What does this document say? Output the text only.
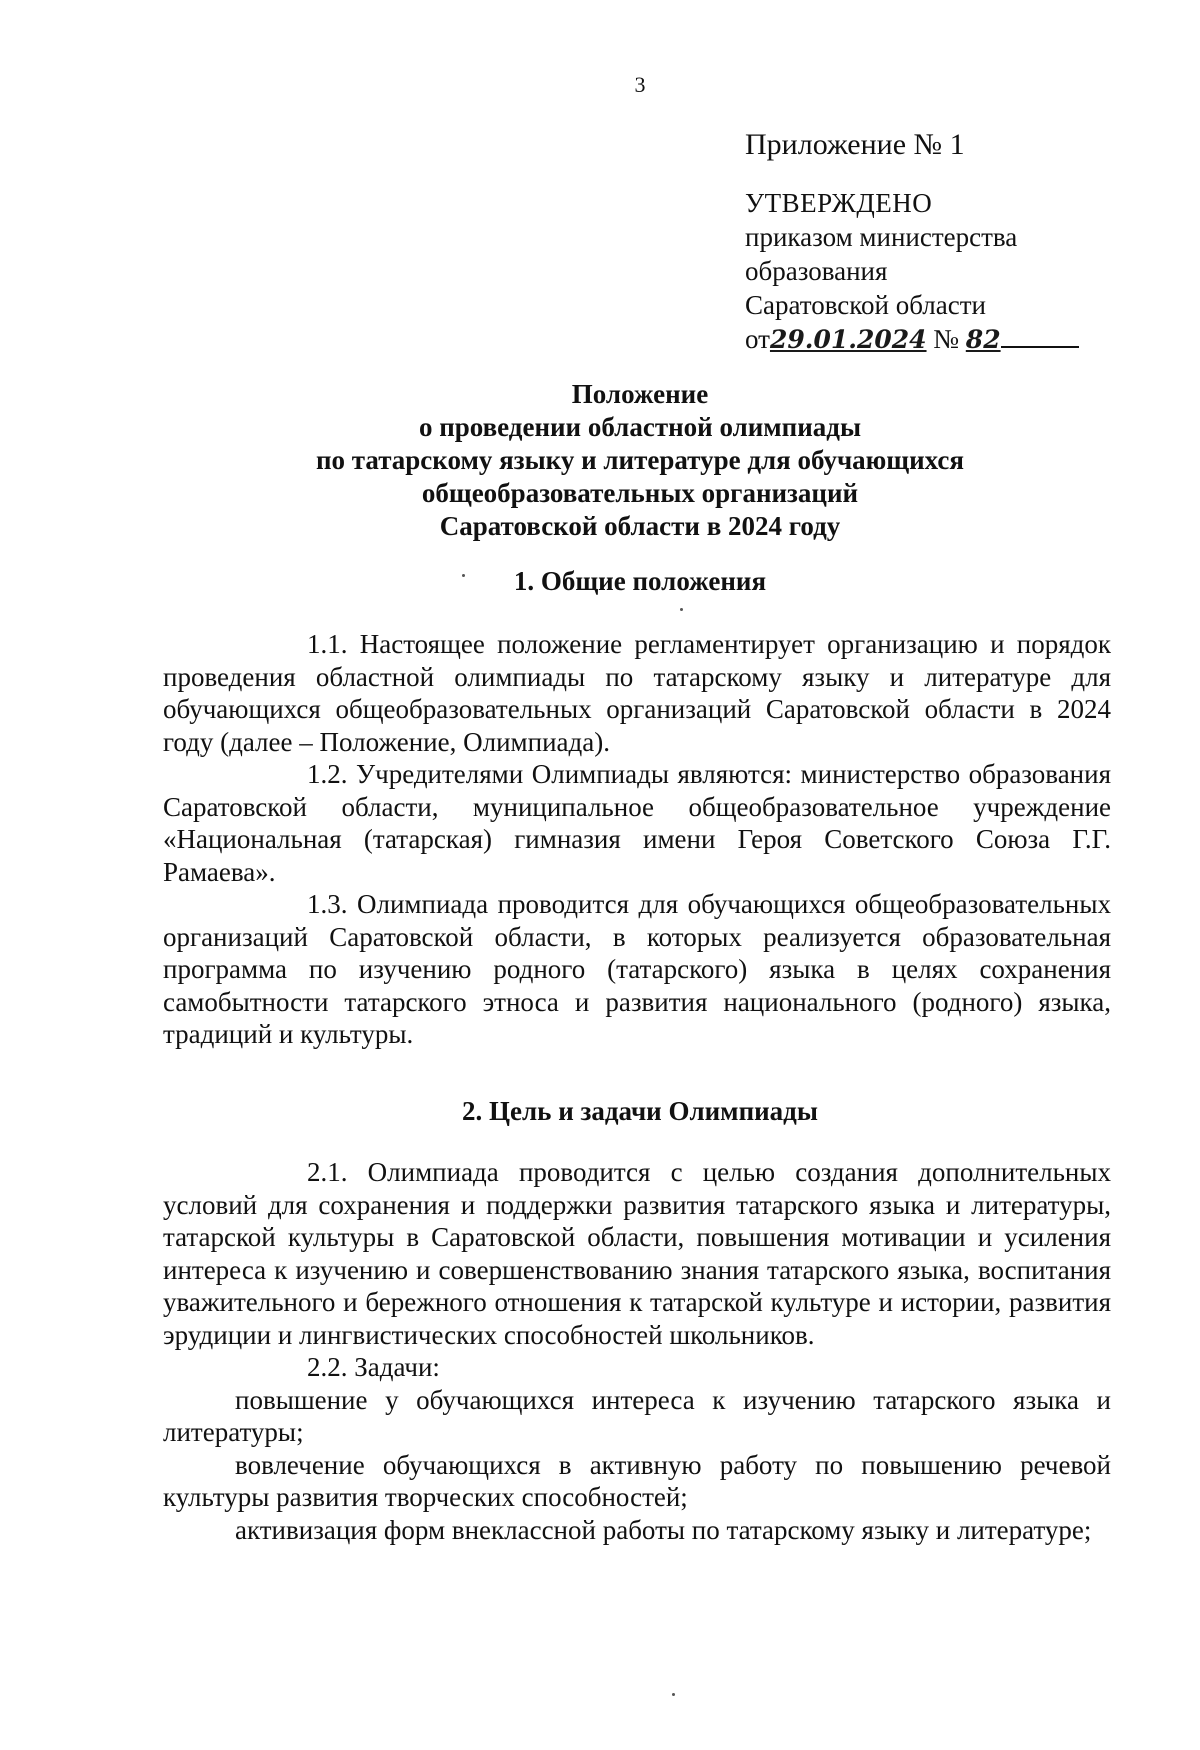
3
Приложение № 1
УТВЕРЖДЕНО
приказом министерства
образования
Саратовской области
от29.01.2024 № 82
Положение
о проведении областной олимпиады
по татарскому языку и литературе для обучающихся
общеобразовательных организаций
Саратовской области в 2024 году
1. Общие положения

1.1. Настоящее положение регламентирует организацию и порядок проведения областной олимпиады по татарскому языку и литературе для обучающихся общеобразовательных организаций Саратовской области в 2024 году (далее – Положение, Олимпиада).

1.2. Учредителями Олимпиады являются: министерство образования Саратовской области, муниципальное общеобразовательное учреждение «Национальная (татарская) гимназия имени Героя Советского Союза Г.Г. Рамаева».

1.3. Олимпиада проводится для обучающихся общеобразовательных организаций Саратовской области, в которых реализуется образовательная программа по изучению родного (татарского) языка в целях сохранения самобытности татарского этноса и развития национального (родного) языка, традиций и культуры.

2. Цель и задачи Олимпиады

2.1. Олимпиада проводится с целью создания дополнительных условий для сохранения и поддержки развития татарского языка и литературы, татарской культуры в Саратовской области, повышения мотивации и усиления интереса к изучению и совершенствованию знания татарского языка, воспитания уважительного и бережного отношения к татарской культуре и истории, развития эрудиции и лингвистических способностей школьников.

2.2. Задачи:

повышение у обучающихся интереса к изучению татарского языка и литературы;

вовлечение обучающихся в активную работу по повышению речевой культуры развития творческих способностей;

активизация форм внеклассной работы по татарскому языку и литературе;
